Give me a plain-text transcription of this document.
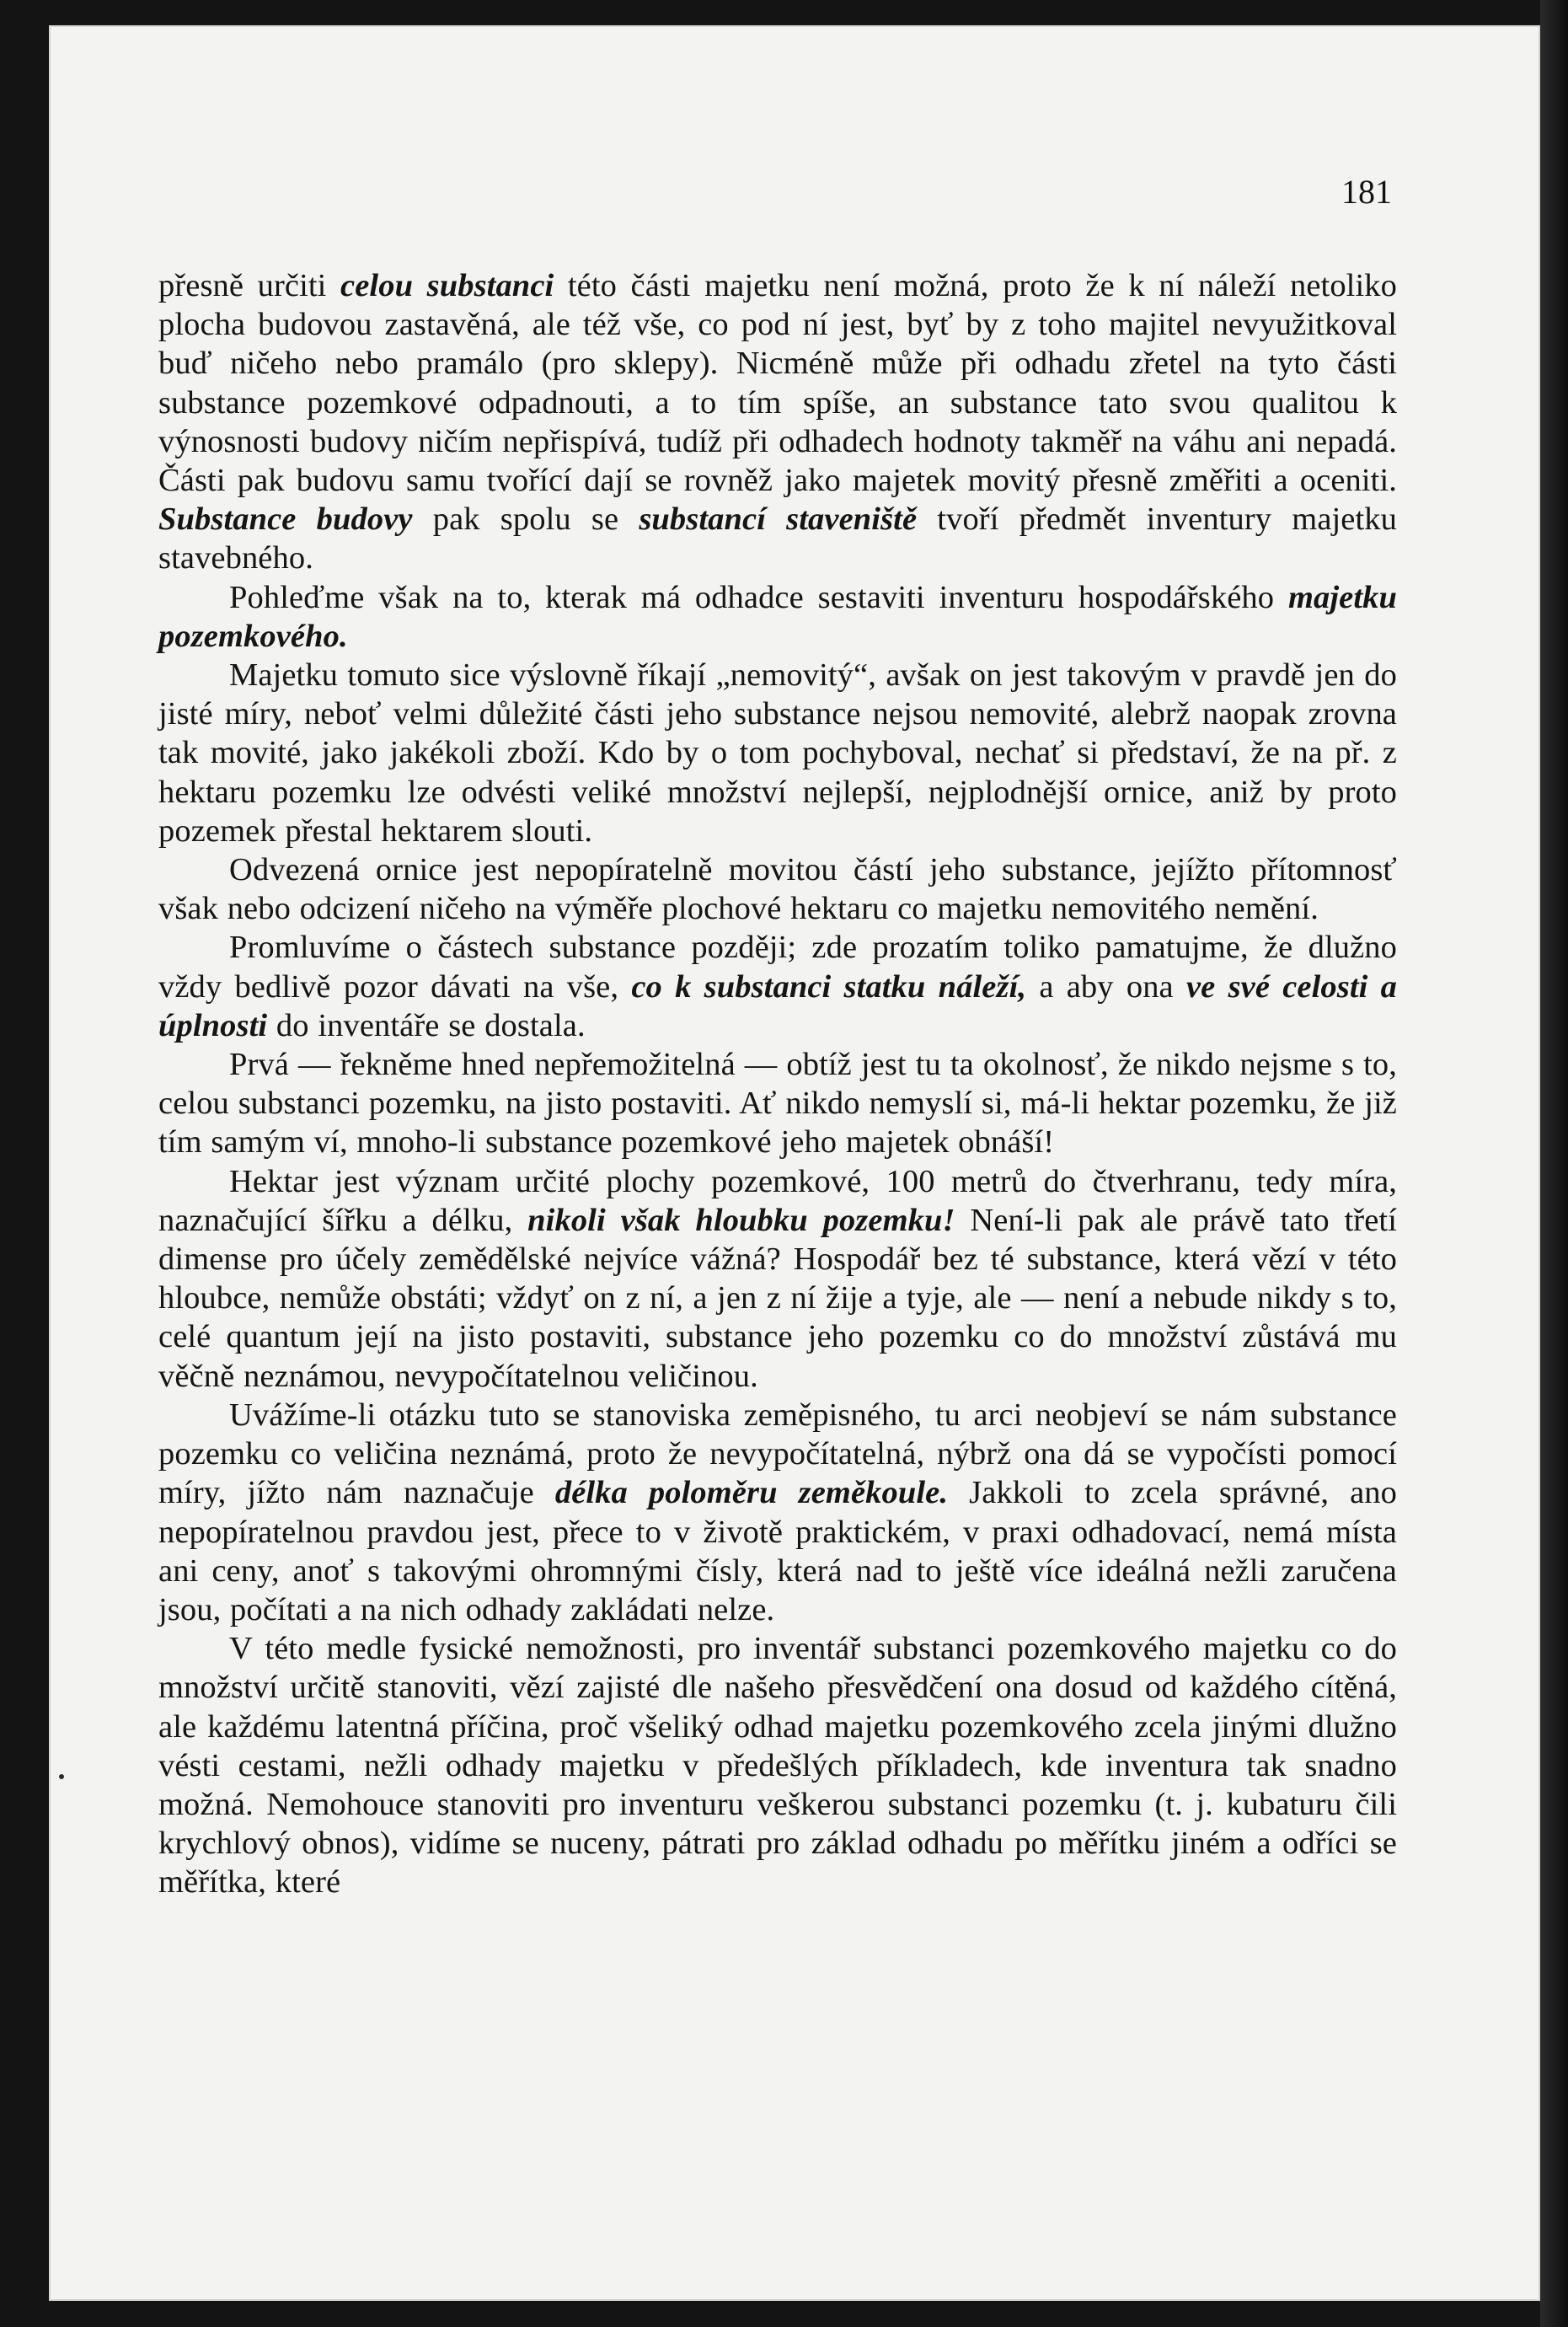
181

přesně určiti celou substanci této části majetku není možná, proto že k ní náleží netoliko plocha budovou zastavěná, ale též vše, co pod ní jest, byť by z toho majitel nevyužitkoval buď ničeho nebo pramálo (pro sklepy). Nicméně může při odhadu zřetel na tyto části substance pozemkové odpadnouti, a to tím spíše, an substance tato svou qualitou k výnosnosti budovy ničím nepřispívá, tudíž při odhadech hodnoty takměř na váhu ani nepadá. Části pak budovu samu tvořící dají se rovněž jako majetek movitý přesně změřiti a oceniti. Substance budovy pak spolu se substancí staveniště tvoří předmět inventury majetku stavebného.

Pohleďme však na to, kterak má odhadce sestaviti inventuru hospodářského majetku pozemkového.

Majetku tomuto sice výslovně říkají „nemovitý“, avšak on jest takovým v pravdě jen do jisté míry, neboť velmi důležité části jeho substance nejsou nemovité, alebrž naopak zrovna tak movité, jako jakékoli zboží. Kdo by o tom pochyboval, nechať si představí, že na př. z hektaru pozemku lze odvésti veliké množství nejlepší, nejplodnější ornice, aniž by proto pozemek přestal hektarem slouti.

Odvezená ornice jest nepopíratelně movitou částí jeho substance, jejížto přítomnosť však nebo odcizení ničeho na výměře plochové hektaru co majetku nemovitého nemění.

Promluvíme o částech substance později; zde prozatím toliko pamatujme, že dlužno vždy bedlivě pozor dávati na vše, co k substanci statku náleží, a aby ona ve své celosti a úplnosti do inventáře se dostala.

Prvá — řekněme hned nepřemožitelná — obtíž jest tu ta okolnosť, že nikdo nejsme s to, celou substanci pozemku, na jisto postaviti. Ať nikdo nemyslí si, má-li hektar pozemku, že již tím samým ví, mnoho-li substance pozemkové jeho majetek obnáší!

Hektar jest význam určité plochy pozemkové, 100 metrů do čtverhranu, tedy míra, naznačující šířku a délku, nikoli však hloubku pozemku! Není-li pak ale právě tato třetí dimense pro účely zemědělské nejvíce vážná? Hospodář bez té substance, která vězí v této hloubce, nemůže obstáti; vždyť on z ní, a jen z ní žije a tyje, ale — není a nebude nikdy s to, celé quantum její na jisto postaviti, substance jeho pozemku co do množství zůstává mu věčně neznámou, nevypočítatelnou veličinou.

Uvážíme-li otázku tuto se stanoviska zeměpisného, tu arci neobjeví se nám substance pozemku co veličina neznámá, proto že nevypočítatelná, nýbrž ona dá se vypočísti pomocí míry, jížto nám naznačuje délka poloměru zeměkoule. Jakkoli to zcela správné, ano nepopíratelnou pravdou jest, přece to v životě praktickém, v praxi odhadovací, nemá místa ani ceny, anoť s takovými ohromnými čísly, která nad to ještě více ideálná nežli zaručena jsou, počítati a na nich odhady zakládati nelze.

V této medle fysické nemožnosti, pro inventář substanci pozemkového majetku co do množství určitě stanoviti, vězí zajisté dle našeho přesvědčení ona dosud od každého cítěná, ale každému latentná příčina, proč všeliký odhad majetku pozemkového zcela jinými dlužno vésti cestami, nežli odhady majetku v předešlých příkladech, kde inventura tak snadno možná. Nemohouce stanoviti pro inventuru veškerou substanci pozemku (t. j. kubaturu čili krychlový obnos), vidíme se nuceny, pátrati pro základ odhadu po měřítku jiném a odříci se měřítka, které
